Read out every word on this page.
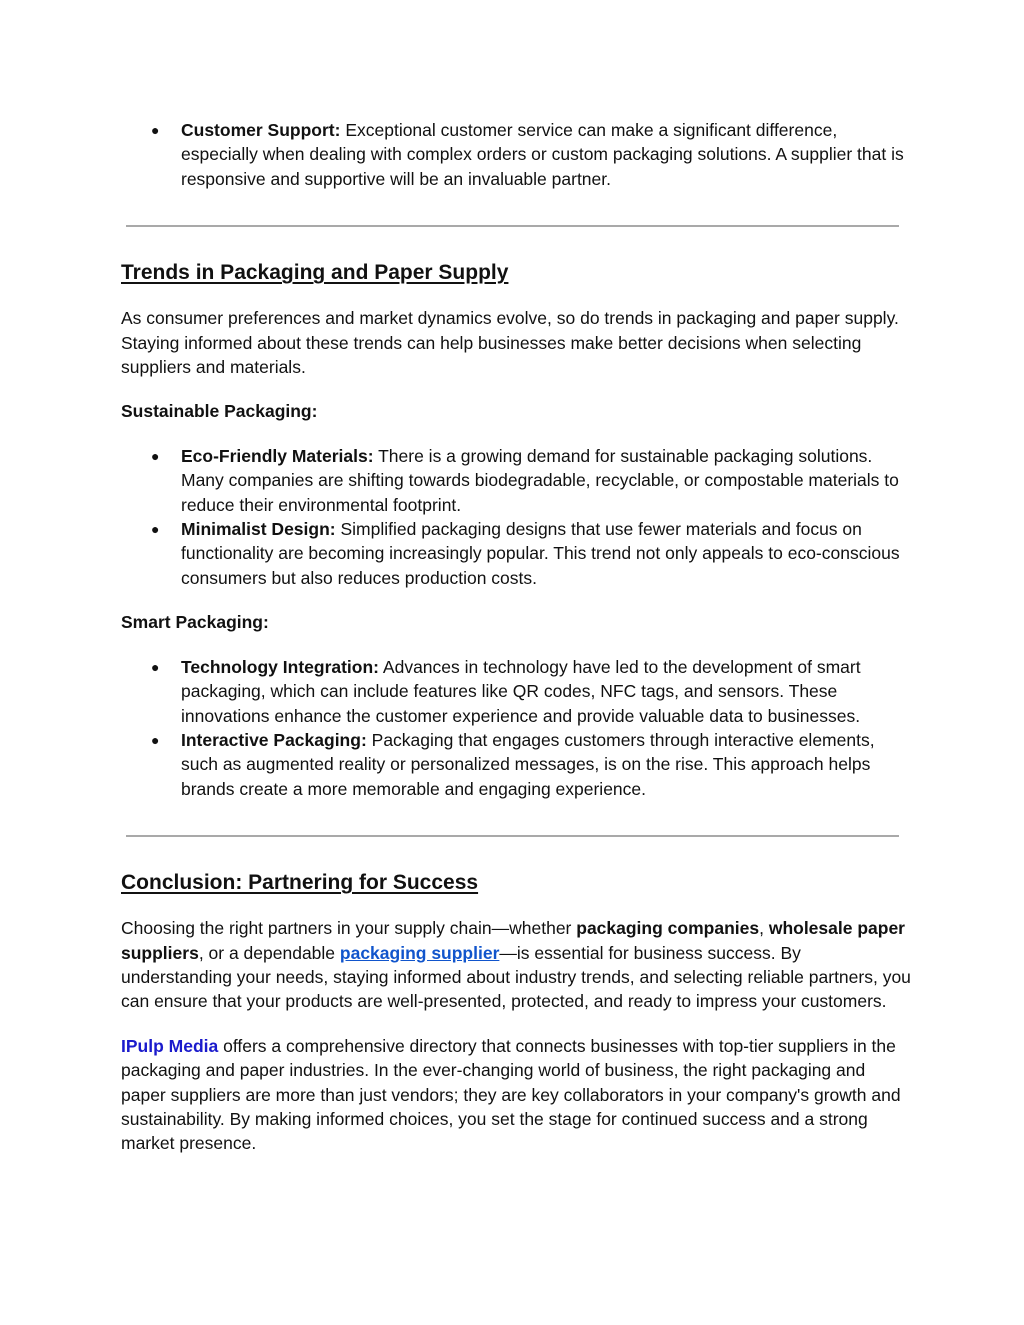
● Customer Support: Exceptional customer service can make a significant difference, especially when dealing with complex orders or custom packaging solutions. A supplier that is responsive and supportive will be an invaluable partner.
Trends in Packaging and Paper Supply

As consumer preferences and market dynamics evolve, so do trends in packaging and paper supply. Staying informed about these trends can help businesses make better decisions when selecting suppliers and materials.

Sustainable Packaging:

● Eco-Friendly Materials: There is a growing demand for sustainable packaging solutions. Many companies are shifting towards biodegradable, recyclable, or compostable materials to reduce their environmental footprint.
● Minimalist Design: Simplified packaging designs that use fewer materials and focus on functionality are becoming increasingly popular. This trend not only appeals to eco-conscious consumers but also reduces production costs.

Smart Packaging:

● Technology Integration: Advances in technology have led to the development of smart packaging, which can include features like QR codes, NFC tags, and sensors. These innovations enhance the customer experience and provide valuable data to businesses.
● Interactive Packaging: Packaging that engages customers through interactive elements, such as augmented reality or personalized messages, is on the rise. This approach helps brands create a more memorable and engaging experience.
Conclusion: Partnering for Success

Choosing the right partners in your supply chain—whether packaging companies, wholesale paper suppliers, or a dependable packaging supplier—is essential for business success. By understanding your needs, staying informed about industry trends, and selecting reliable partners, you can ensure that your products are well-presented, protected, and ready to impress your customers.

IPulp Media offers a comprehensive directory that connects businesses with top-tier suppliers in the packaging and paper industries. In the ever-changing world of business, the right packaging and paper suppliers are more than just vendors; they are key collaborators in your company's growth and sustainability. By making informed choices, you set the stage for continued success and a strong market presence.
